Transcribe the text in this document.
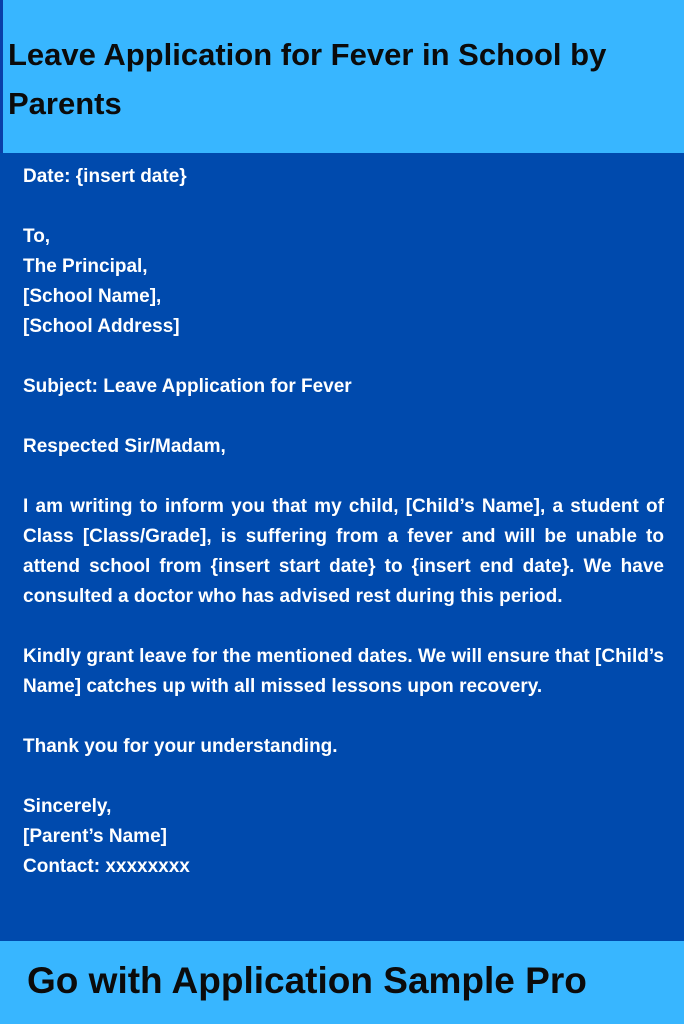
Leave Application for Fever in School by Parents
Date: {insert date}
To,
The Principal,
[School Name],
[School Address]
Subject: Leave Application for Fever
Respected Sir/Madam,
I am writing to inform you that my child, [Child’s Name], a student of Class [Class/Grade], is suffering from a fever and will be unable to attend school from {insert start date} to {insert end date}. We have consulted a doctor who has advised rest during this period.
Kindly grant leave for the mentioned dates. We will ensure that [Child’s Name] catches up with all missed lessons upon recovery.
Thank you for your understanding.
Sincerely,
[Parent’s Name]
Contact: xxxxxxxx
Go with Application Sample Pro
